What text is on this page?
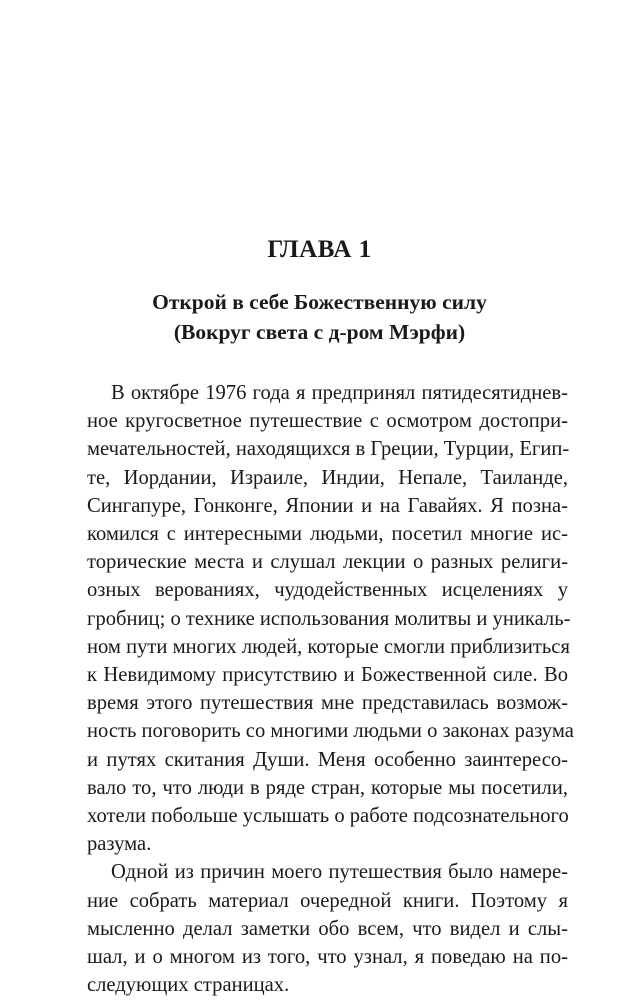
ГЛАВА 1
Открой в себе Божественную силу
(Вокруг света с д-ром Мэрфи)
В октябре 1976 года я предпринял пятидесятиднев-
ное кругосветное путешествие с осмотром достопри-
мечательностей, находящихся в Греции, Турции, Егип-
те, Иордании, Израиле, Индии, Непале, Таиланде,
Сингапуре, Гонконге, Японии и на Гавайях. Я позна-
комился с интересными людьми, посетил многие ис-
торические места и слушал лекции о разных религи-
озных верованиях, чудодейственных исцелениях у
гробниц; о технике использования молитвы и уникаль-
ном пути многих людей, которые смогли приблизиться
к Невидимому присутствию и Божественной силе. Во
время этого путешествия мне представилась возмож-
ность поговорить со многими людьми о законах разума
и путях скитания Души. Меня особенно заинтересо-
вало то, что люди в ряде стран, которые мы посетили,
хотели побольше услышать о работе подсознательного
разума.
Одной из причин моего путешествия было намере-
ние собрать материал очередной книги. Поэтому я
мысленно делал заметки обо всем, что видел и слы-
шал, и о многом из того, что узнал, я поведаю на по-
следующих страницах.
